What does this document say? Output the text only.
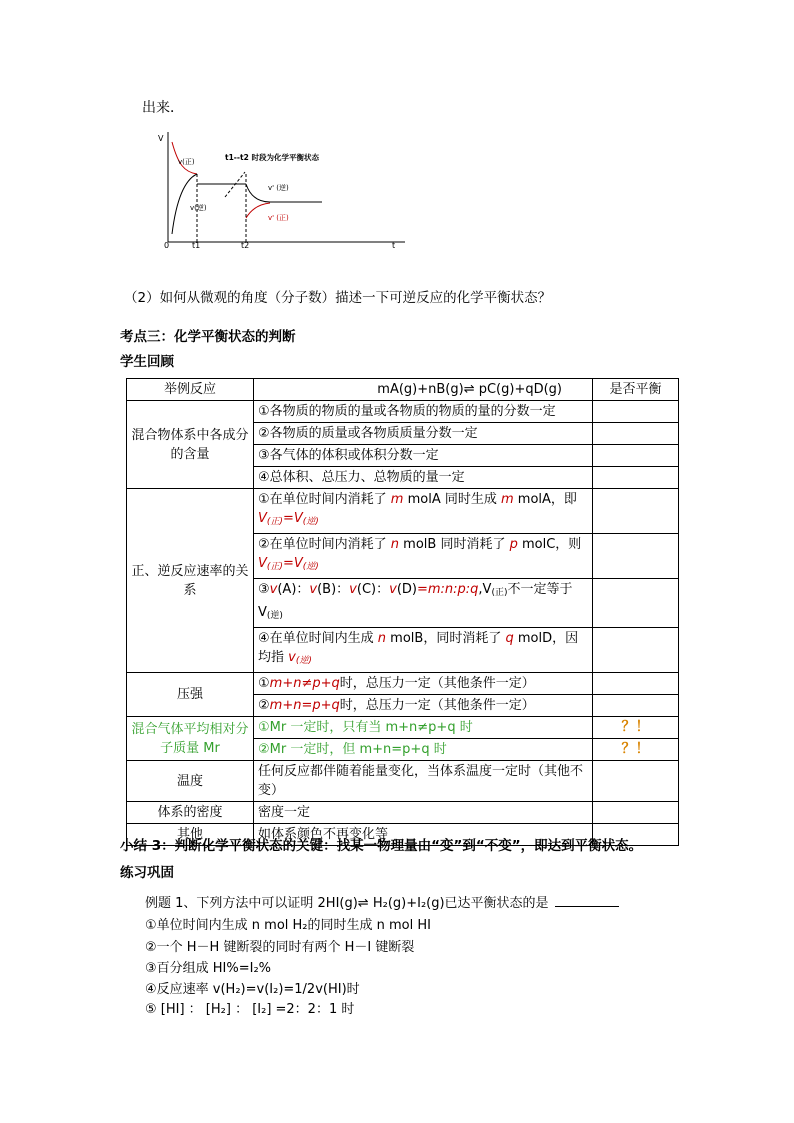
出来．
V
0	t1	t2	t
v(正)
v(逆)
t1--t2 时段为化学平衡状态
v' (逆)
v' (正)
（2）如何从微观的角度（分子数）描述一下可逆反应的化学平衡状态？
考点三：化学平衡状态的判断
学生回顾
举例反应	mA(g)+nB(g)⇌ pC(g)+qD(g)	是否平衡
混合物体系中各成分的含量	①各物质的物质的量或各物质的物质的量的分数一定	
	②各物质的质量或各物质质量分数一定	
	③各气体的体积或体积分数一定	
	④总体积、总压力、总物质的量一定	
正、逆反应速率的关系	①在单位时间内消耗了 m molA 同时生成 m molA，即
$V_{(正)}=V_{(逆)}$	
	②在单位时间内消耗了 n molB 同时消耗了 p molC，则
$V_{(正)}=V_{(逆)}$	
	③v(A)：v(B)：v(C)：$v(D)=m:n:p:q,V_{(正)}$不一定等于 $V_{(逆)}$	
	④在单位时间内生成 n molB，同时消耗了 q molD，因
均指 $v_{(逆)}$	
压强	①m+n≠p+q时，总压力一定（其他条件一定）	
	②m+n=p+q时，总压力一定（其他条件一定）	
混合气体平均相对分子质量 Mr	①Mr 一定时，只有当 m+n≠p+q 时	？！
	②Mr 一定时，但 m+n=p+q 时	？！
温度	任何反应都伴随着能量变化，当体系温度一定时（其他不变）	
体系的密度	密度一定	
其他	如体系颜色不再变化等	
小结 3：判断化学平衡状态的关键：找某一物理量由“变”到“不变”，即达到平衡状态。
练习巩固
例题 1、下列方法中可以证明 2HI(g)⇌ H₂(g)+I₂(g)已达平衡状态的是
①单位时间内生成 n mol H₂的同时生成 n mol HI
②一个 H－H 键断裂的同时有两个 H－I 键断裂
③百分组成 HI%=I₂%
④反应速率 v(H₂)=v(I₂)=1/2v(HI)时
⑤ [HI] ： [H₂] ： [I₂] =2：2：1 时
